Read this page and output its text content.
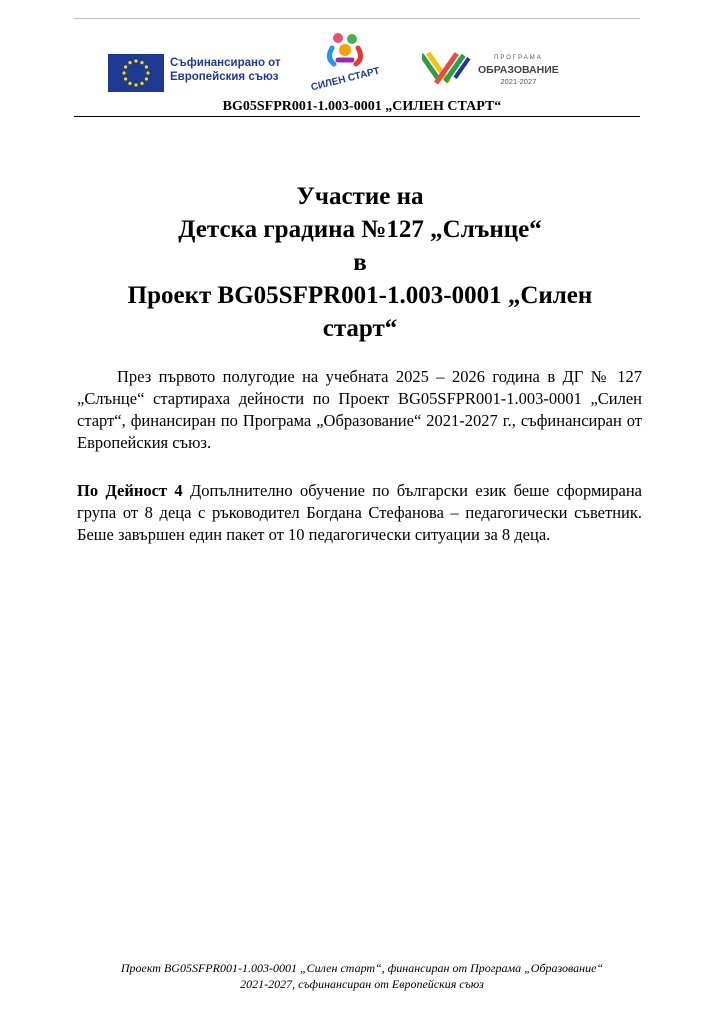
Съфинансирано от
Европейския съюз	СИЛЕН СТАРТ
ПРОГРАМА
ОБРАЗОВАНИЕ
2021-2027
BG05SFPR001-1.003-0001 „СИЛЕН СТАРТ“
Участие на
Детска градина №127 „Слънце“
в
Проект BG05SFPR001-1.003-0001 „Силен
старт“

През първото полугодие на учебната 2025 – 2026 година в ДГ № 127 „Слънце“ стартираха дейности по Проект BG05SFPR001-1.003-0001 „Силен старт“, финансиран по Програма „Образование“ 2021-2027 г., съфинансиран от Европейския съюз.

По Дейност 4 Допълнително обучение по български език беше сформирана група от 8 деца с ръководител Богдана Стефанова – педагогически съветник. Беше завършен един пакет от 10 педагогически ситуации за 8 деца.

Проект BG05SFPR001-1.003-0001 „Силен старт“, финансиран от Програма „Образование“
2021-2027, съфинансиран от Европейския съюз
